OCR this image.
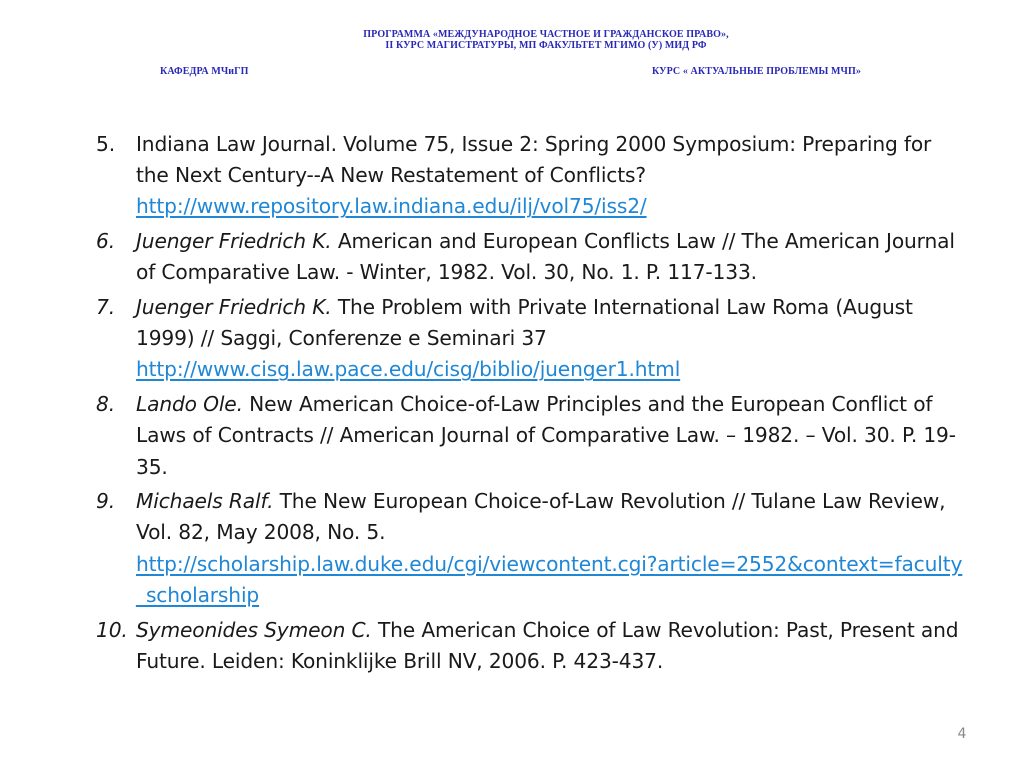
ПРОГРАММА «МЕЖДУНАРОДНОЕ ЧАСТНОЕ И ГРАЖДАНСКОЕ ПРАВО»,
II КУРС МАГИСТРАТУРЫ, МП ФАКУЛЬТЕТ МГИМО (У) МИД РФ
КАФЕДРА МЧиГП	КУРС « АКТУАЛЬНЫЕ ПРОБЛЕМЫ МЧП»
5. Indiana Law Journal. Volume 75, Issue 2: Spring 2000 Symposium: Preparing for the Next Century--A New Restatement of Conflicts?
http://www.repository.law.indiana.edu/ilj/vol75/iss2/
6. Juenger Friedrich K. American and European Conflicts Law // The American Journal of Comparative Law. - Winter, 1982. Vol. 30, No. 1. P. 117-133.
7. Juenger Friedrich K. The Problem with Private International Law Roma (August 1999) // Saggi, Conferenze e Seminari 37
http://www.cisg.law.pace.edu/cisg/biblio/juenger1.html
8. Lando Ole. New American Choice-of-Law Principles and the European Conflict of Laws of Contracts // American Journal of Comparative Law. – 1982. – Vol. 30. P. 19-35.
9. Michaels Ralf. The New European Choice-of-Law Revolution // Tulane Law Review, Vol. 82, May 2008, No. 5.
http://scholarship.law.duke.edu/cgi/viewcontent.cgi?article=2552&context=faculty_scholarship
10. Symeonides Symeon C. The American Choice of Law Revolution: Past, Present and Future. Leiden: Koninklijke Brill NV, 2006. P. 423-437.
4
